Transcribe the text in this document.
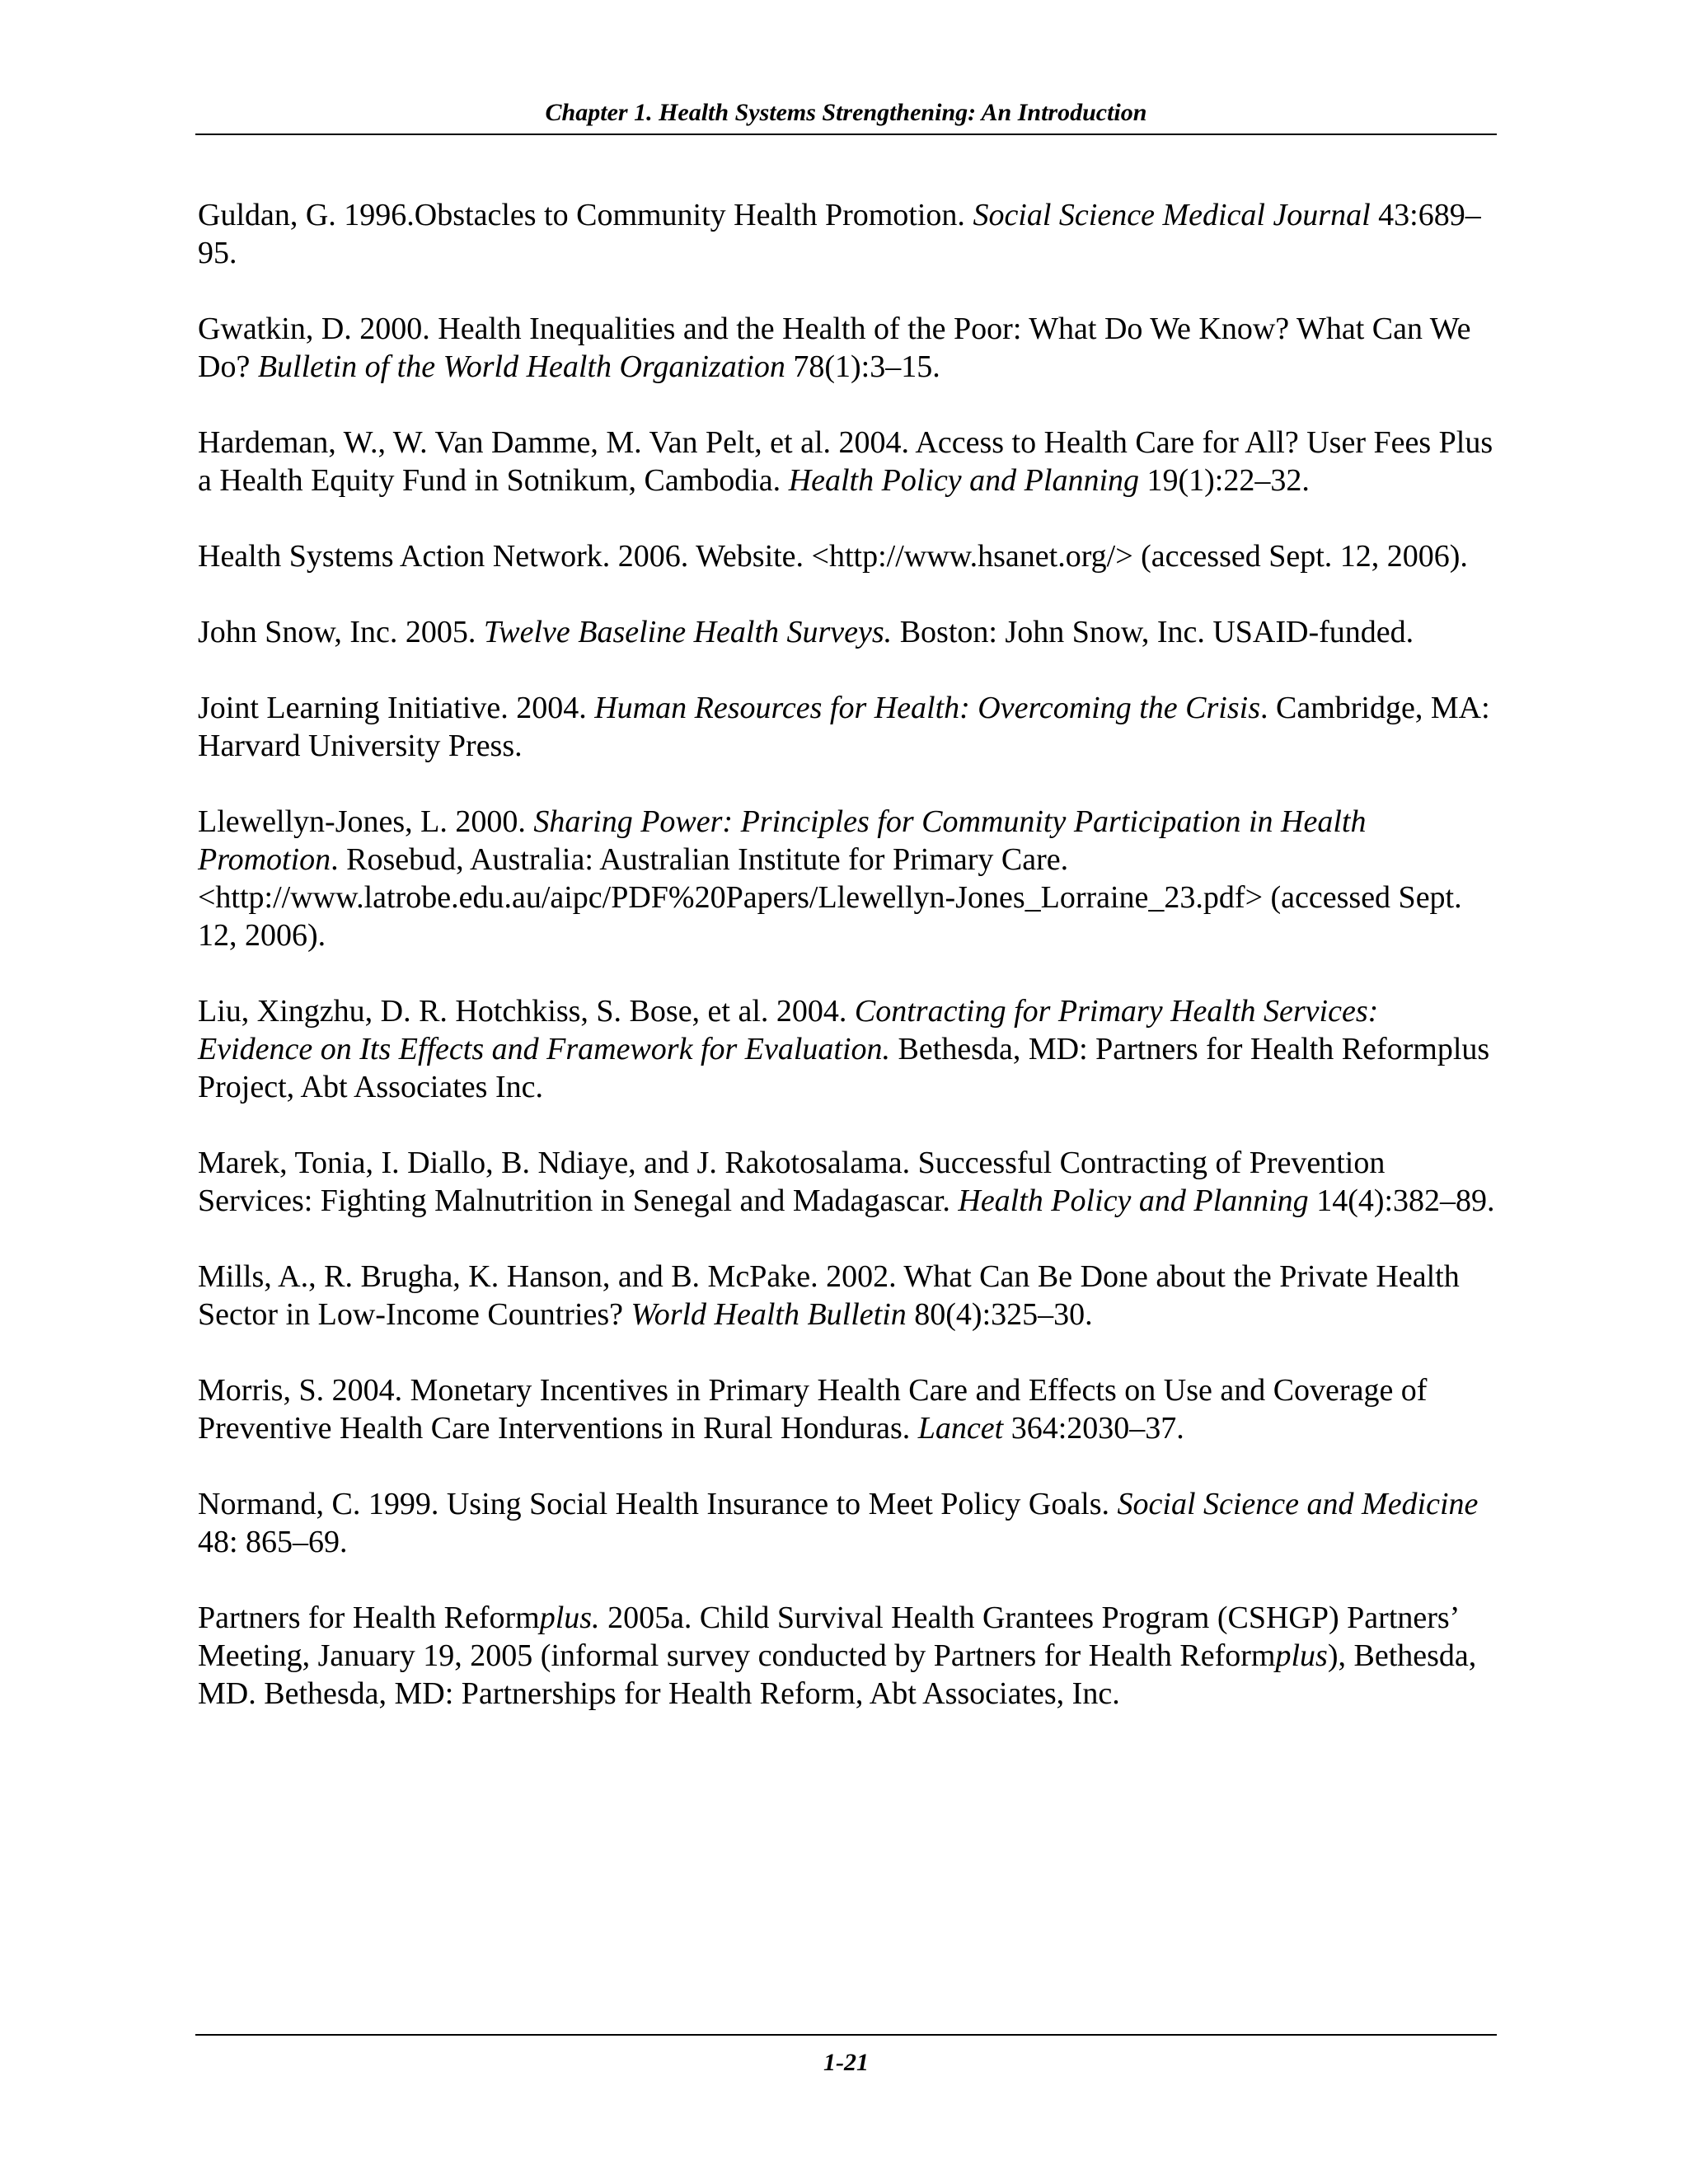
Chapter 1. Health Systems Strengthening: An Introduction
Guldan, G. 1996.Obstacles to Community Health Promotion. Social Science Medical Journal 43:689–95.
Gwatkin, D. 2000. Health Inequalities and the Health of the Poor: What Do We Know? What Can We Do? Bulletin of the World Health Organization 78(1):3–15.
Hardeman, W., W. Van Damme, M. Van Pelt, et al. 2004. Access to Health Care for All? User Fees Plus a Health Equity Fund in Sotnikum, Cambodia. Health Policy and Planning 19(1):22–32.
Health Systems Action Network. 2006. Website. <http://www.hsanet.org/> (accessed Sept. 12, 2006).
John Snow, Inc. 2005. Twelve Baseline Health Surveys. Boston: John Snow, Inc. USAID-funded.
Joint Learning Initiative. 2004. Human Resources for Health: Overcoming the Crisis. Cambridge, MA: Harvard University Press.
Llewellyn-Jones, L. 2000. Sharing Power: Principles for Community Participation in Health Promotion. Rosebud, Australia: Australian Institute for Primary Care. <http://www.latrobe.edu.au/aipc/PDF%20Papers/Llewellyn-Jones_Lorraine_23.pdf> (accessed Sept. 12, 2006).
Liu, Xingzhu, D. R. Hotchkiss, S. Bose, et al. 2004. Contracting for Primary Health Services: Evidence on Its Effects and Framework for Evaluation. Bethesda, MD: Partners for Health Reformplus Project, Abt Associates Inc.
Marek, Tonia, I. Diallo, B. Ndiaye, and J. Rakotosalama. Successful Contracting of Prevention Services: Fighting Malnutrition in Senegal and Madagascar. Health Policy and Planning 14(4):382–89.
Mills, A., R. Brugha, K. Hanson, and B. McPake. 2002. What Can Be Done about the Private Health Sector in Low-Income Countries? World Health Bulletin 80(4):325–30.
Morris, S. 2004. Monetary Incentives in Primary Health Care and Effects on Use and Coverage of Preventive Health Care Interventions in Rural Honduras. Lancet 364:2030–37.
Normand, C. 1999. Using Social Health Insurance to Meet Policy Goals. Social Science and Medicine 48: 865–69.
Partners for Health Reformplus. 2005a. Child Survival Health Grantees Program (CSHGP) Partners’ Meeting, January 19, 2005 (informal survey conducted by Partners for Health Reformplus), Bethesda, MD. Bethesda, MD: Partnerships for Health Reform, Abt Associates, Inc.
1-21
